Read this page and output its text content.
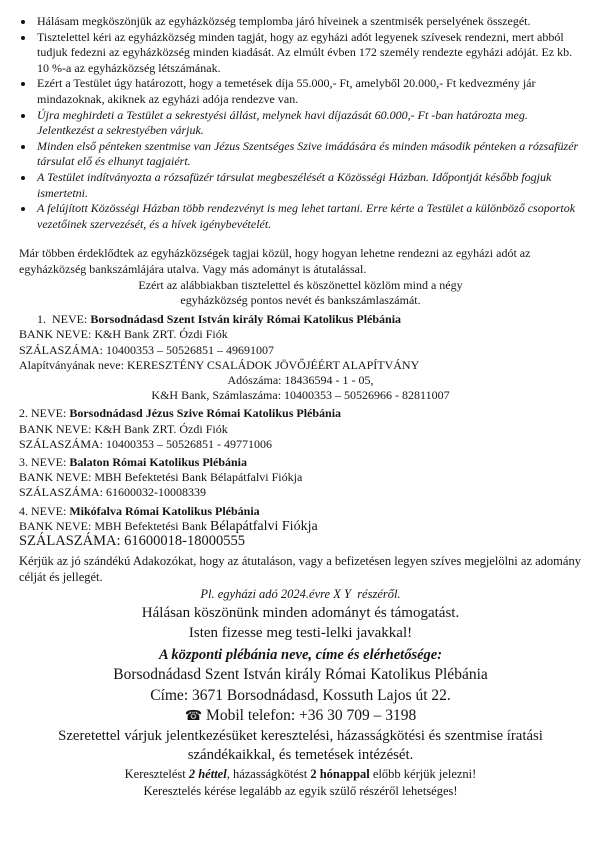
• Hálásam megköszönjük az egyházközség templomba járó híveinek a szentmisék perselyének összegét.
• Tisztelettel kéri az egyházközség minden tagját, hogy az egyházi adót legyenek szívesek rendezni, mert abból tudjuk fedezni az egyházközség minden kiadását. Az elmúlt évben 172 személy rendezte egyházi adóját. Ez kb. 10 %-a az egyházközség létszámának.
• Ezért a Testület úgy határozott, hogy a temetések díja 55.000,- Ft, amelyből 20.000,- Ft kedvezmény jár mindazoknak, akiknek az egyházi adója rendezve van.
• Újra meghirdeti a Testület a sekrestyési állást, melynek havi díjazását 60.000,- Ft -ban határozta meg. Jelentkezést a sekrestyében várjuk.
• Minden első pénteken szentmise van Jézus Szentséges Szive imádására és minden második pénteken a rózsafüzér társulat elő és elhunyt tagjaiért.
• A Testület indítványozta a rózsafüzér társulat megbeszélését a Közösségi Házban. Időpontját később fogjuk ismertetni.
• A felújított Közösségi Házban több rendezvényt is meg lehet tartani. Erre kérte a Testület a különböző csoportok vezetőinek szervezését, és a hívek igénybevételét.

Már többen érdeklődtek az egyházközségek tagjai közül, hogy hogyan lehetne rendezni az egyházi adót az egyházközség bankszámlájára utalva. Vagy más adományt is átutalással.

Ezért az alábbiakban tisztelettel és köszönettel közlöm mind a négy
egyházközség pontos nevét és bankszámlaszámát.
1.  NEVE: Borsodnádasd Szent István király Római Katolikus Plébánia
BANK NEVE: K&H Bank ZRT. Ózdi Fiók
SZÁLASZÁMA: 10400353 – 50526851 – 49691007
Alapítványának neve: KERESZTÉNY CSALÁDOK JÖVŐJÉÉRT ALAPÍTVÁNY
Adószáma: 18436594 - 1 - 05,
K&H Bank, Számlaszáma: 10400353 – 50526966 - 82811007
2. NEVE: Borsodnádasd Jézus Szive Római Katolikus Plébánia
BANK NEVE: K&H Bank ZRT. Ózdi Fiók
SZÁLASZÁMA: 10400353 – 50526851 - 49771006
3. NEVE: Balaton Római Katolikus Plébánia
BANK NEVE: MBH Befektetési Bank Bélapátfalvi Fiókja
SZÁLASZÁMA: 61600032-10008339
4. NEVE: Mikófalva Római Katolikus Plébánia
BANK NEVE: MBH Befektetési Bank Bélapátfalvi Fiókja
SZÁLASZÁMA: 61600018-18000555

Kérjük az jó szándékú Adakozókat, hogy az átutaláson, vagy a befizetésen legyen szíves megjelölni az adomány célját és jellegét.

Pl. egyházi adó 2024.évre X Y  részéről.
Hálásan köszönünk minden adományt és támogatást.
Isten fizesse meg testi-lelki javakkal!
A központi plébánia neve, címe és elérhetősége:
Borsodnádasd Szent István király Római Katolikus Plébánia
Címe: 3671 Borsodnádasd, Kossuth Lajos út 22.
☎ Mobil telefon: +36 30 709 – 3198
Szeretettel várjuk jelentkezésüket keresztelési, házasságkötési és szentmise íratási
szándékaikkal, és temetések intézését.
Keresztelést 2 héttel, házasságkötést 2 hónappal előbb kérjük jelezni!
Keresztelés kérése legalább az egyik szülő részéről lehetséges!
